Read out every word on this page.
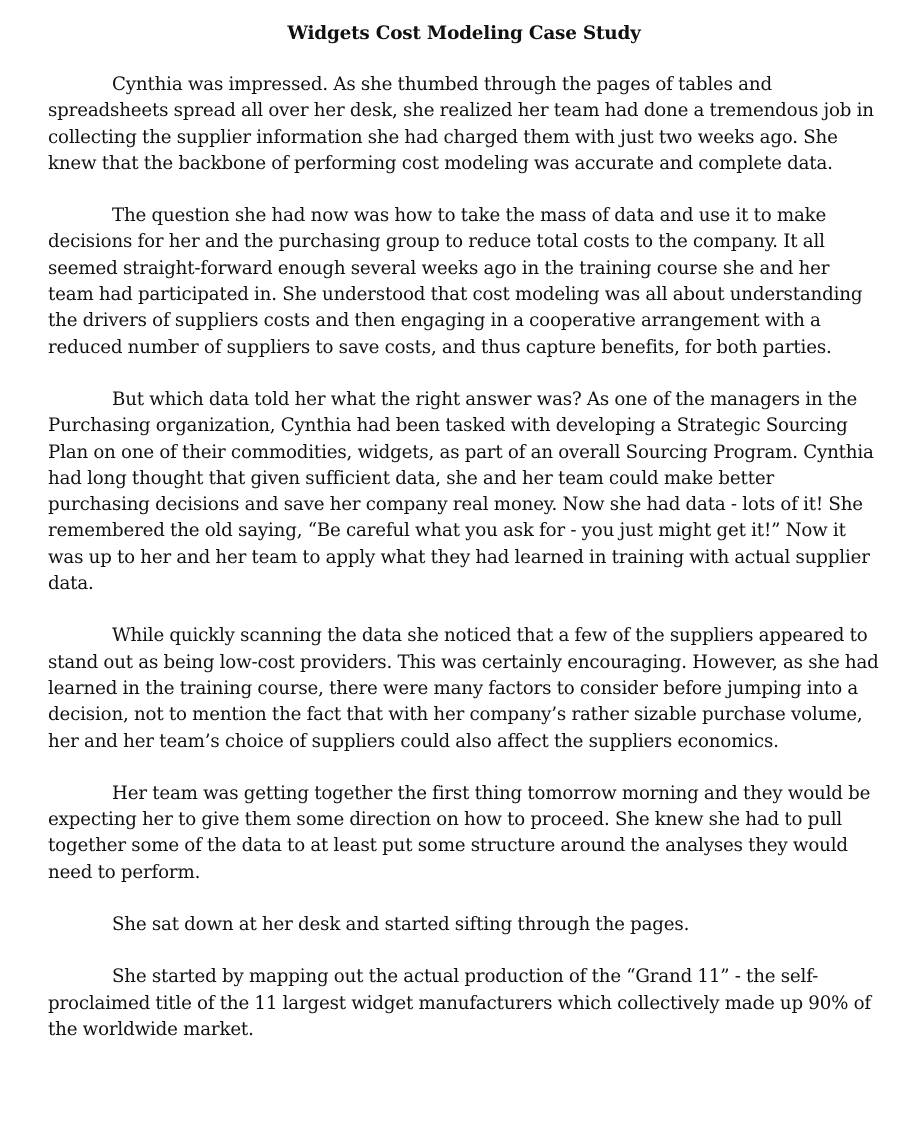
Widgets Cost Modeling Case Study

Cynthia was impressed. As she thumbed through the pages of tables and spreadsheets spread all over her desk, she realized her team had done a tremendous job in collecting the supplier information she had charged them with just two weeks ago. She knew that the backbone of performing cost modeling was accurate and complete data.

The question she had now was how to take the mass of data and use it to make decisions for her and the purchasing group to reduce total costs to the company. It all seemed straight-forward enough several weeks ago in the training course she and her team had participated in. She understood that cost modeling was all about understanding the drivers of suppliers costs and then engaging in a cooperative arrangement with a reduced number of suppliers to save costs, and thus capture benefits, for both parties.

But which data told her what the right answer was? As one of the managers in the Purchasing organization, Cynthia had been tasked with developing a Strategic Sourcing Plan on one of their commodities, widgets, as part of an overall Sourcing Program. Cynthia had long thought that given sufficient data, she and her team could make better purchasing decisions and save her company real money. Now she had data - lots of it! She remembered the old saying, “Be careful what you ask for - you just might get it!” Now it was up to her and her team to apply what they had learned in training with actual supplier data.

While quickly scanning the data she noticed that a few of the suppliers appeared to stand out as being low-cost providers. This was certainly encouraging. However, as she had learned in the training course, there were many factors to consider before jumping into a decision, not to mention the fact that with her company’s rather sizable purchase volume, her and her team’s choice of suppliers could also affect the suppliers economics.

Her team was getting together the first thing tomorrow morning and they would be expecting her to give them some direction on how to proceed. She knew she had to pull together some of the data to at least put some structure around the analyses they would need to perform.

She sat down at her desk and started sifting through the pages.

She started by mapping out the actual production of the “Grand 11” - the self-proclaimed title of the 11 largest widget manufacturers which collectively made up 90% of the worldwide market.
